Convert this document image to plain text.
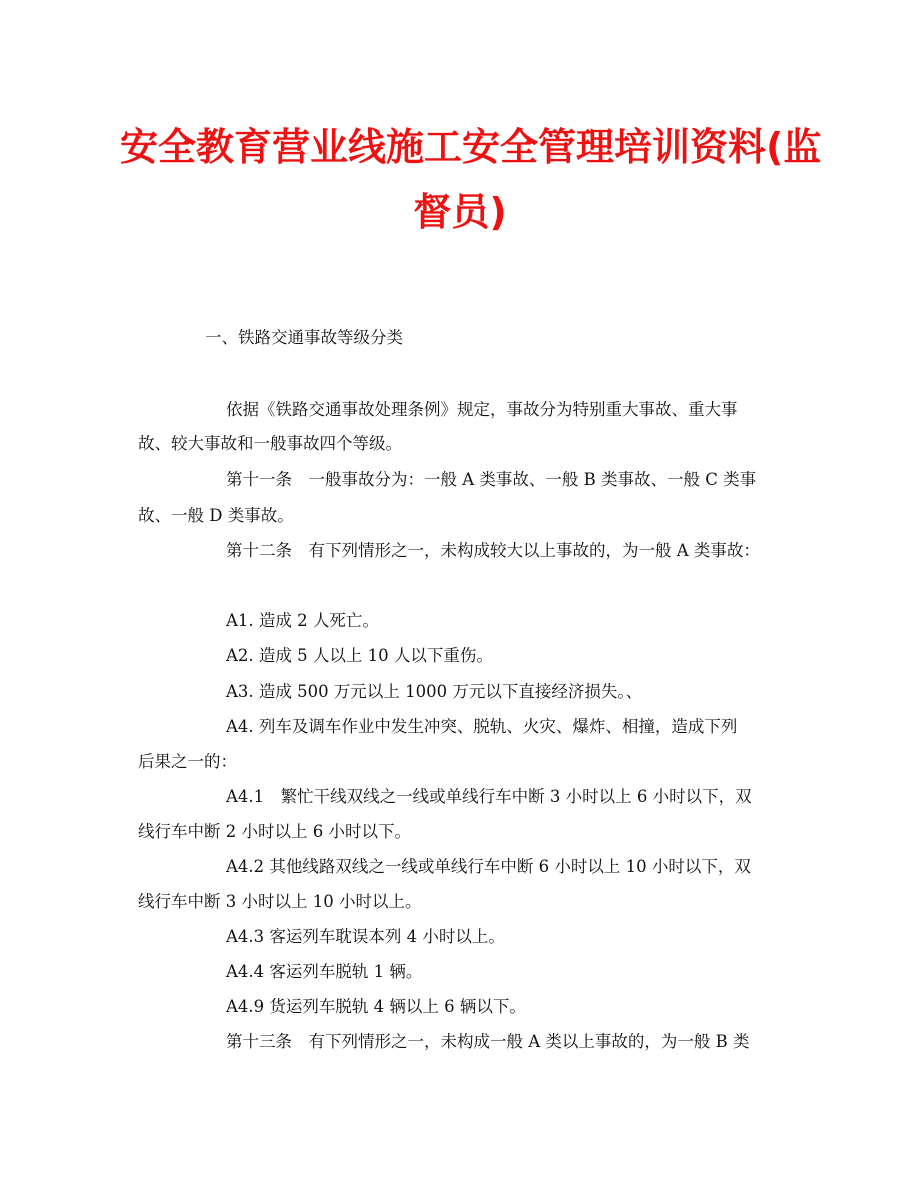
安全教育营业线施工安全管理培训资料(监
督员)
一、铁路交通事故等级分类
依据《铁路交通事故处理条例》规定，事故分为特别重大事故、重大事
故、较大事故和一般事故四个等级。
第十一条　一般事故分为：一般 A 类事故、一般 B 类事故、一般 C 类事
故、一般 D 类事故。
第十二条　有下列情形之一，未构成较大以上事故的，为一般 A 类事故：
A1. 造成 2 人死亡。
A2. 造成 5 人以上 10 人以下重伤。
A3. 造成 500 万元以上 1000 万元以下直接经济损失。、
A4. 列车及调车作业中发生冲突、脱轨、火灾、爆炸、相撞，造成下列
后果之一的：
A4.1　繁忙干线双线之一线或单线行车中断 3 小时以上 6 小时以下，双
线行车中断 2 小时以上 6 小时以下。
A4.2 其他线路双线之一线或单线行车中断 6 小时以上 10 小时以下，双
线行车中断 3 小时以上 10 小时以上。
A4.3 客运列车耽误本列 4 小时以上。
A4.4 客运列车脱轨 1 辆。
A4.9 货运列车脱轨 4 辆以上 6 辆以下。
第十三条　有下列情形之一，未构成一般 A 类以上事故的，为一般 B 类
